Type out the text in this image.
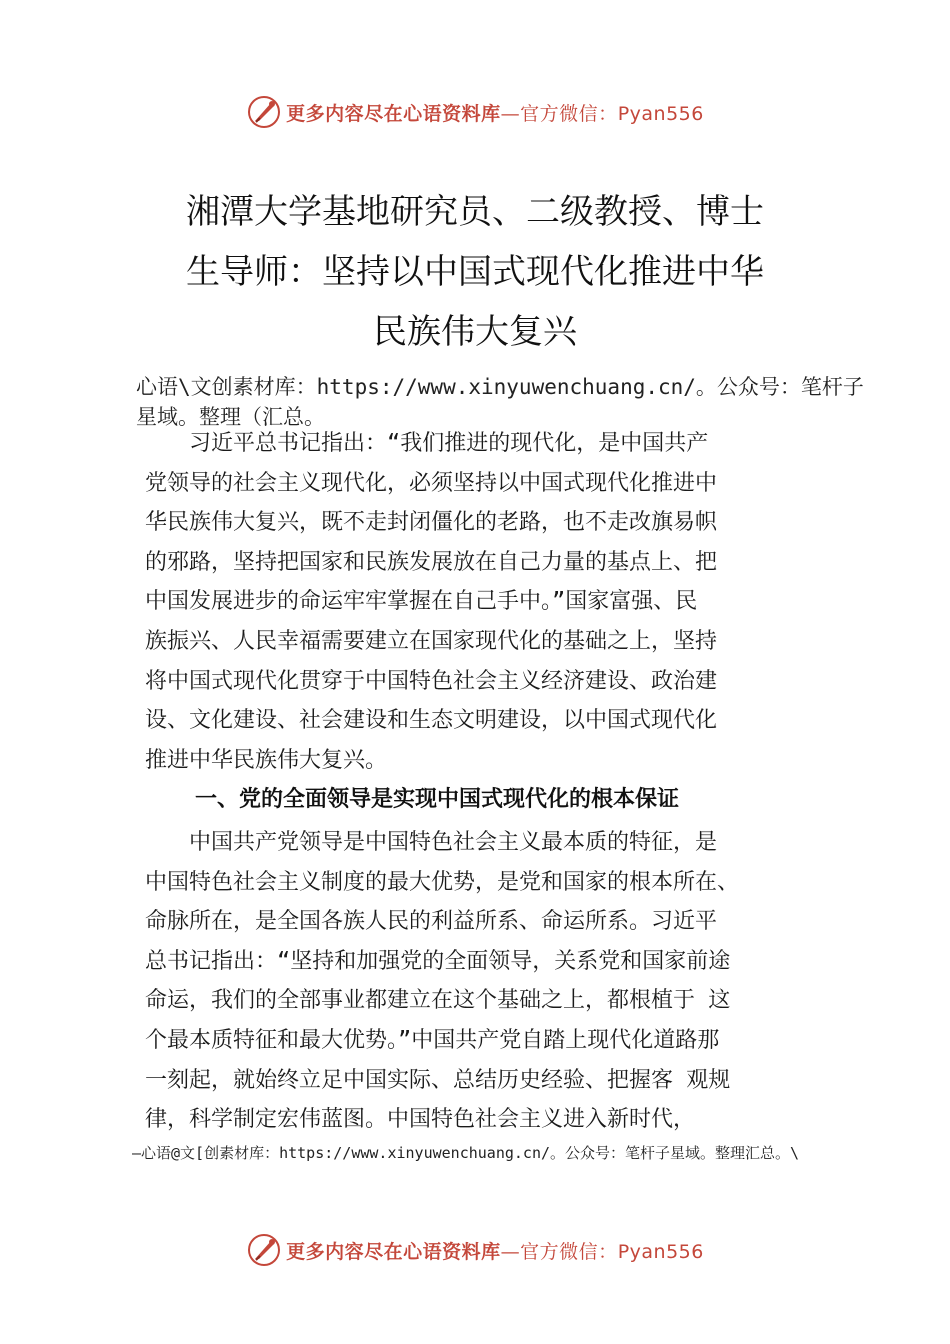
更多内容尽在心语资料库—官方微信：Pyan556
湘潭大学基地研究员、二级教授、博士
生导师：坚持以中国式现代化推进中华
民族伟大复兴

心语\文创素材库：https://www.xinyuwenchuang.cn/。公众号：笔杆子星域。整理（汇总。

　　习近平总书记指出：“我们推进的现代化，是中国共产
党领导的社会主义现代化，必须坚持以中国式现代化推进中
华民族伟大复兴，既不走封闭僵化的老路，也不走改旗易帜
的邪路，坚持把国家和民族发展放在自己力量的基点上、把
中国发展进步的命运牢牢掌握在自己手中。”国家富强、民
族振兴、人民幸福需要建立在国家现代化的基础之上，坚持
将中国式现代化贯穿于中国特色社会主义经济建设、政治建
设、文化建设、社会建设和生态文明建设，以中国式现代化
推进中华民族伟大复兴。
一、党的全面领导是实现中国式现代化的根本保证
　　中国共产党领导是中国特色社会主义最本质的特征，是
中国特色社会主义制度的最大优势，是党和国家的根本所在、
命脉所在，是全国各族人民的利益所系、命运所系。习近平
总书记指出：“坚持和加强党的全面领导，关系党和国家前途
命运，我们的全部事业都建立在这个基础之上，都根植于 这
个最本质特征和最大优势。”中国共产党自踏上现代化道路那
一刻起，就始终立足中国实际、总结历史经验、把握客 观规
律，科学制定宏伟蓝图。中国特色社会主义进入新时代，

—心语@文[创素材库：https://www.xinyuwenchuang.cn/。公众号：笔杆子星域。整理汇总。\

更多内容尽在心语资料库—官方微信：Pyan556
